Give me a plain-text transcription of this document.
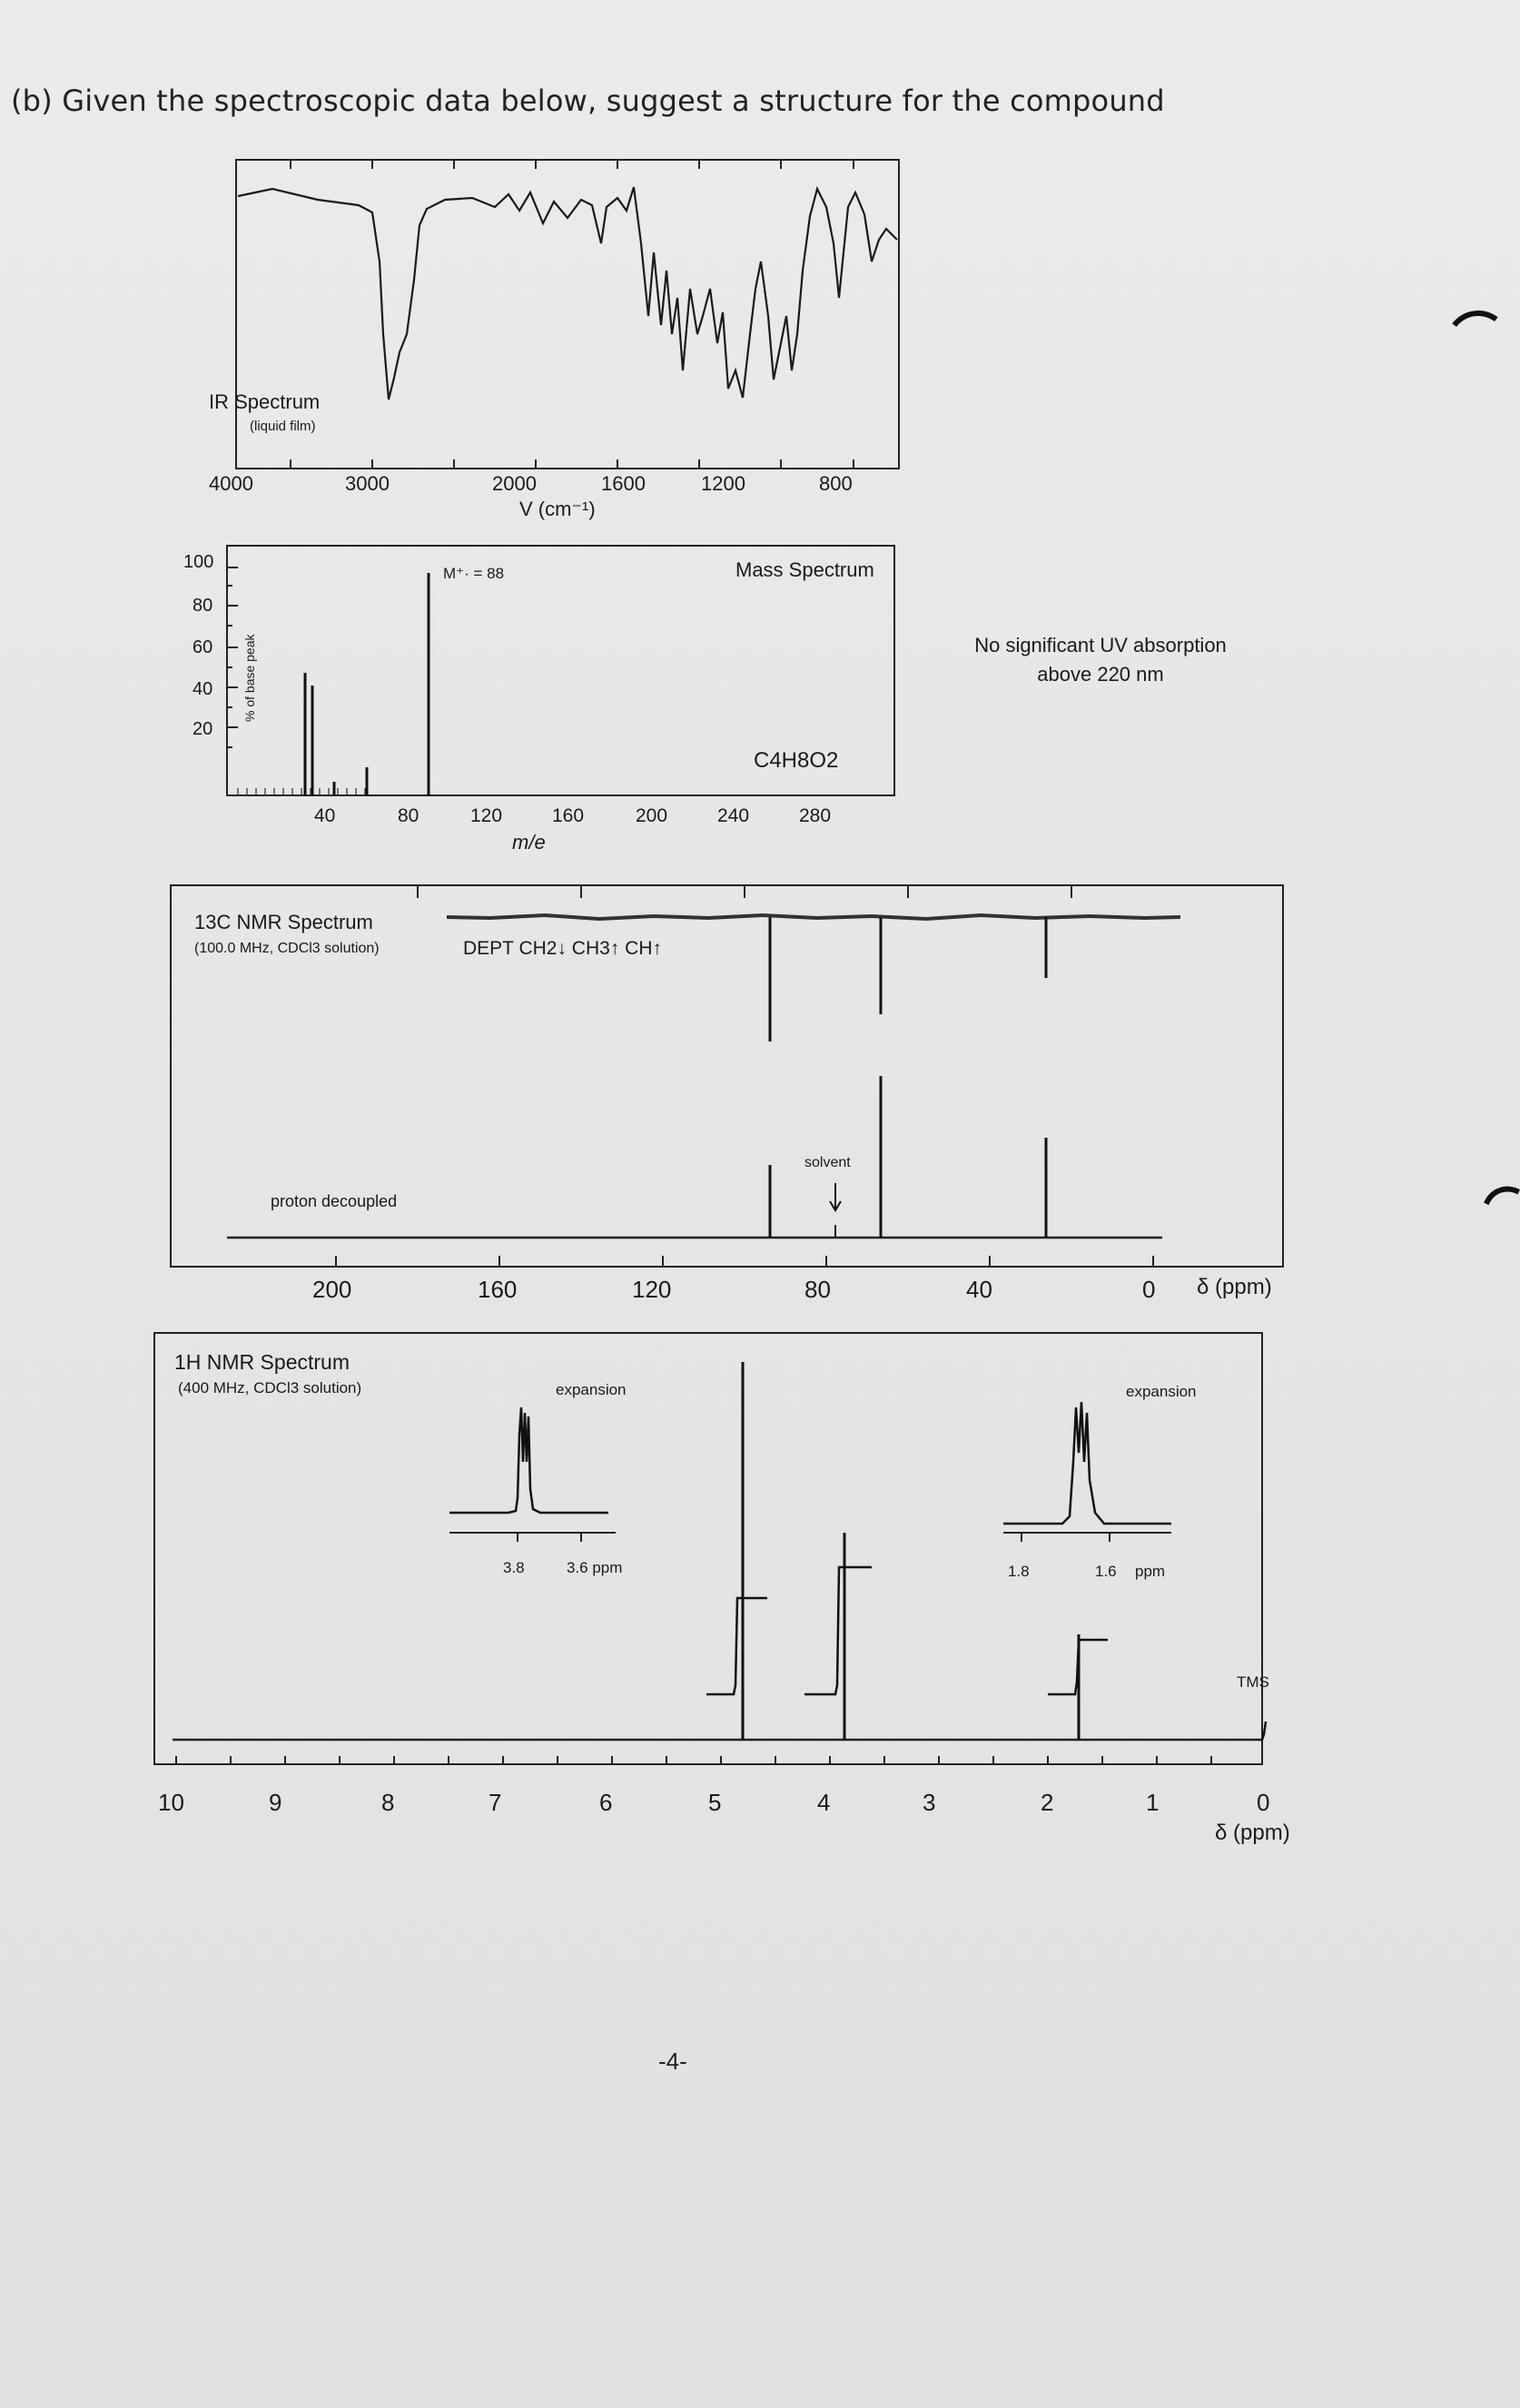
(b) Given the spectroscopic data below, suggest a structure for the compound
IR Spectrum
(liquid film)
4000	3000	2000	1600	1200	800
V (cm⁻¹)
100
80
60
40
20
% of base peak
M⁺· = 88	Mass Spectrum
C4H8O2
40	80	120	160	200	240	280
m/e
No significant UV absorption above 220 nm
13C NMR Spectrum
(100.0 MHz, CDCl3 solution)	DEPT CH2↓ CH3↑ CH↑
proton decoupled
solvent
200	160	120	80	40	0 δ (ppm)
1H NMR Spectrum
(400 MHz, CDCl3 solution)	expansion
3.8	3.6 ppm
expansion
1.8	1.6 ppm
TMS
10	9	8	7	6	5	4	3	2	1	0
δ (ppm)
-4-
